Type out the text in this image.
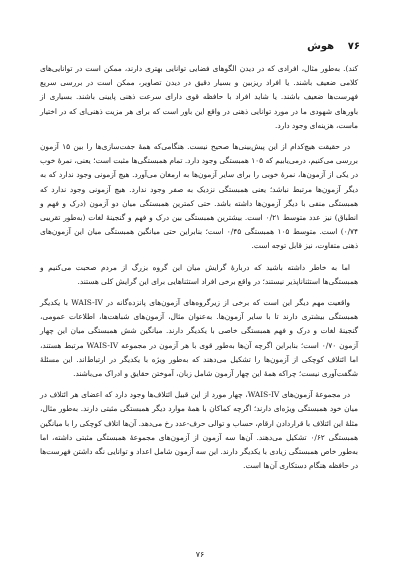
۷۶   هوش

کند). به‌طور مثال، افرادی که در دیدن الگوهای فضایی توانایی بهتری دارند، ممکن است در توانایی‌های کلامی ضعیف باشند. یا افراد ریزبین و بسیار دقیق در دیدن تصاویر، ممکن است در بررسی سریع فهرست‌ها ضعیف باشند. یا شاید افراد با حافظه قوی دارای سرعت ذهنی پایینی باشند. بسیاری از باورهای شهودی ما در مورد توانایی ذهنی در واقع این باور است که برای هر مزیت ذهنی‌ای که در اختیار ماست، هزینه‌ای وجود دارد.

در حقیقت هیچ‌کدام از این پیش‌بینی‌ها صحیح نیست. هنگامی‌که همهٔ جفت‌سازی‌ها را بین ۱۵ آزمون بررسی می‌کنیم، درمی‌یابیم که ۱۰۵ همبستگی وجود دارد. تمام همبستگی‌ها مثبت است؛ یعنی، نمرهٔ خوب در یکی از آزمون‌ها، نمرهٔ خوبی را برای سایر آزمون‌ها به ارمغان می‌آورد. هیچ آزمونی وجود ندارد که به دیگر آزمون‌ها مرتبط نباشد؛ یعنی همبستگی نزدیک به صفر وجود ندارد. هیچ آزمونی وجود ندارد که همبستگی منفی با دیگر آزمون‌ها داشته باشد. حتی کمترین همبستگی میان دو آزمون (درک و فهم و انطباق) نیز عدد متوسط ۰/۲۱ است. بیشترین همبستگی بین درک و فهم و گنجینهٔ لغات (به‌طور تقریبی ۰/۷۴) است. متوسط ۱۰۵ همبستگی ۰/۴۵ است؛ بنابراین حتی میانگین همبستگی میان این آزمون‌های ذهنی متفاوت، نیز قابل توجه است.

اما به خاطر داشته باشید که دربارهٔ گرایش میان این گروه بزرگ از مردم صحبت می‌کنیم و همبستگی‌ها استثناناپذیر نیستند؛ در واقع برخی افراد استثناهایی برای این گرایش کلی هستند.

واقعیت مهم دیگر این است که برخی از زیرگروه‌های آزمون‌های پانزده‌گانه در WAIS-IV با یکدیگر همبستگی بیشتری دارند تا با سایر آزمون‌ها. به‌عنوان مثال، آزمون‌های شباهت‌ها، اطلاعات عمومی، گنجینهٔ لغات و درک و فهم همبستگی خاصی با یکدیگر دارند. میانگین شش همبستگی میان این چهار آزمون ۰/۷۰ است؛ بنابراین اگرچه آن‌ها به‌طور قوی با هر آزمون در مجموعه WAIS-IV مرتبط هستند، اما ائتلاف کوچکی از آزمون‌ها را تشکیل می‌دهند که به‌طور ویژه با یکدیگر در ارتباط‌اند. این مسئلهٔ شگفت‌آوری نیست؛ چراکه همهٔ این چهار آزمون شامل زبان، آموختن حقایق و ادراک می‌باشند.

در مجموعهٔ آزمون‌های WAIS-IV، چهار مورد از این قبیل ائتلاف‌ها وجود دارد که اعضای هر ائتلاف در میان خود همبستگی ویژه‌ای دارند؛ اگرچه کماکان با همهٔ موارد دیگر همبستگی مثبتی دارند. به‌طور مثال، مثلهٔ این ائتلاف با قراردادن ارقام، حساب و توالی حرف-عدد رخ می‌دهد. آن‌ها اتلاف کوچکی را با میانگین همبستگی ۰/۶۲ تشکیل می‌دهند. آن‌ها سه آزمون از آزمون‌های مجموعهٔ همبستگی مثبتی داشته، اما به‌طور خاص همبستگی زیادی با یکدیگر دارند. این سه آزمون شامل اعداد و توانایی نگه داشتن فهرست‌ها در حافظه هنگام دستکاری آن‌ها است.

۷۶
